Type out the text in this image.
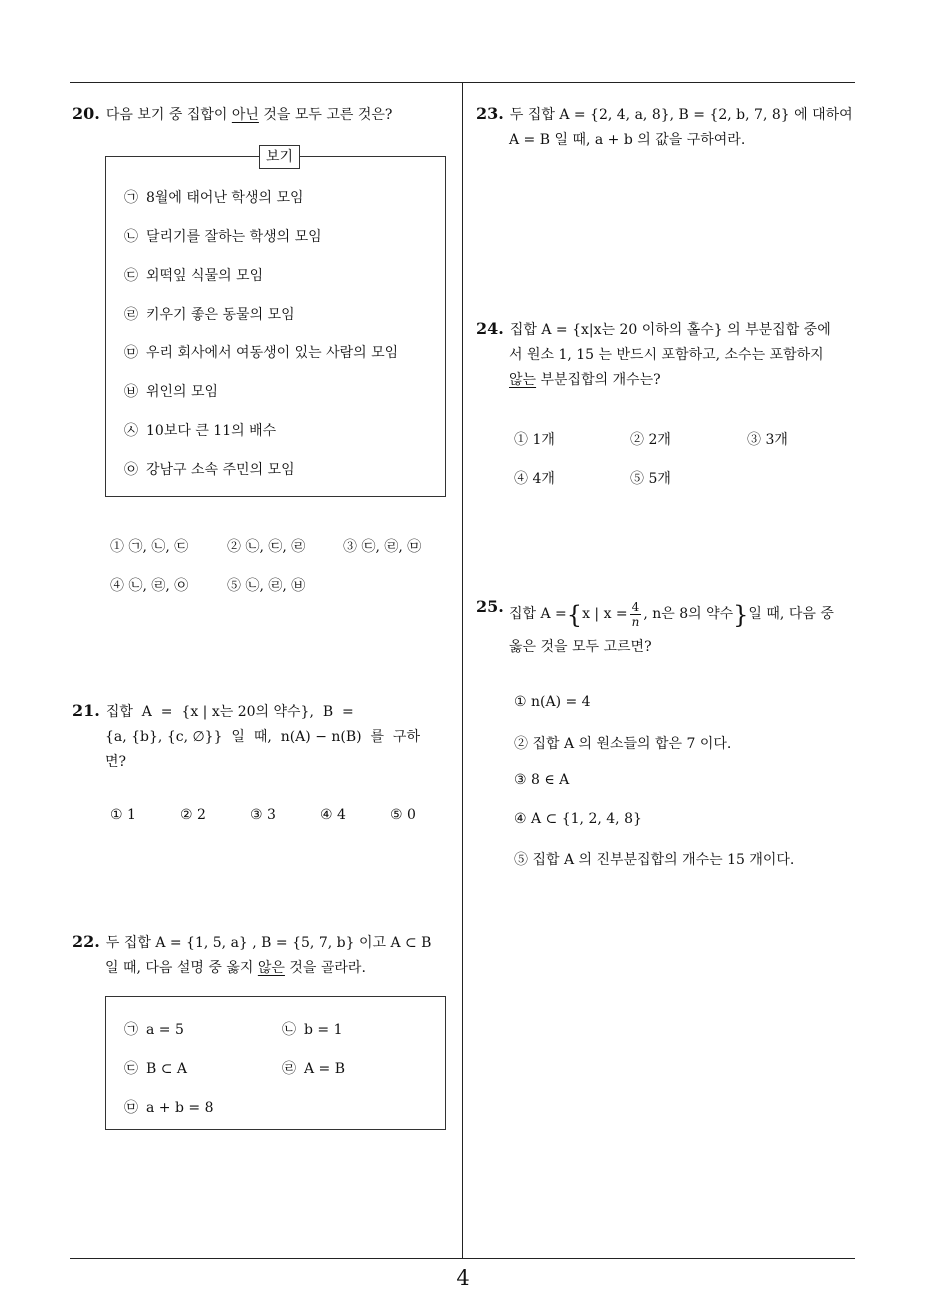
20. 다음 보기 중 집합이 아닌 것을 모두 고른 것은?
보기
㉠ 8월에 태어난 학생의 모임
㉡ 달리기를 잘하는 학생의 모임
㉢ 외떡잎 식물의 모임
㉣ 키우기 좋은 동물의 모임
㉤ 우리 회사에서 여동생이 있는 사람의 모임
㉥ 위인의 모임
㉦ 10보다 큰 11의 배수
㉧ 강남구 소속 주민의 모임
① ㉠, ㉡, ㉢	② ㉡, ㉢, ㉣	③ ㉢, ㉣, ㉤
④ ㉡, ㉣, ㉧	⑤ ㉡, ㉣, ㉥
21. 집합  A  =  {x | x는 20의 약수},  B  =
{a, {b}, {c, ∅}}  일  때,  n(A) − n(B)  를  구하
면?
① 1	② 2	③ 3	④ 4	⑤ 0
22. 두 집합 A = {1, 5, a} , B = {5, 7, b} 이고 A ⊂ B
일 때, 다음 설명 중 옳지 않은 것을 골라라.
㉠ a = 5	㉡ b = 1
㉢ B ⊂ A	㉣ A = B
㉤ a + b = 8
23. 두 집합 A = {2, 4, a, 8}, B = {2, b, 7, 8} 에 대하여
A = B 일 때, a + b 의 값을 구하여라.
24. 집합 A = {x|x는 20 이하의 홀수} 의 부분집합 중에
서 원소 1, 15 는 반드시 포함하고, 소수는 포함하지
않는 부분집합의 개수는?
① 1개	② 2개	③ 3개
④ 4개	⑤ 5개
25. 집합 A = { x | $x = \frac{4}{n}$ , n은 8의 약수 } 일 때, 다음 중
옳은 것을 모두 고르면?
① n(A) = 4
② 집합 A 의 원소들의 합은 7 이다.
③ 8 ∈ A
④ A ⊂ {1, 2, 4, 8}
⑤ 집합 A 의 진부분집합의 개수는 15 개이다.
4
